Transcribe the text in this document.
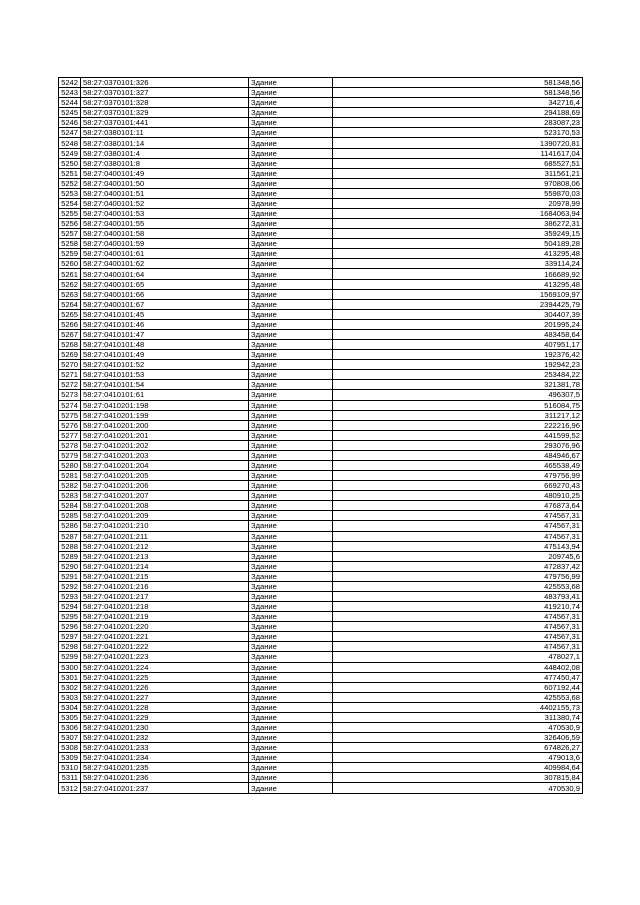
5242	58:27:0370101:326	Здание	581348,56
5243	58:27:0370101:327	Здание	581348,56
5244	58:27:0370101:328	Здание	342716,4
5245	58:27:0370101:329	Здание	294188,69
5246	58:27:0370101:441	Здание	283087,23
5247	58:27:0380101:11	Здание	523170,53
5248	58:27:0380101:14	Здание	1390720,81
5249	58:27:0380101:4	Здание	1141617,04
5250	58:27:0380101:8	Здание	685527,51
5251	58:27:0400101:49	Здание	311561,21
5252	58:27:0400101:50	Здание	970808,06
5253	58:27:0400101:51	Здание	559870,03
5254	58:27:0400101:52	Здание	20978,99
5255	58:27:0400101:53	Здание	1684063,94
5256	58:27:0400101:55	Здание	386272,31
5257	58:27:0400101:58	Здание	359249,15
5258	58:27:0400101:59	Здание	504189,28
5259	58:27:0400101:61	Здание	413295,48
5260	58:27:0400101:62	Здание	339114,24
5261	58:27:0400101:64	Здание	166689,92
5262	58:27:0400101:65	Здание	413295,48
5263	58:27:0400101:66	Здание	1569109,97
5264	58:27:0400101:67	Здание	2394425,79
5265	58:27:0410101:45	Здание	304407,39
5266	58:27:0410101:46	Здание	201995,24
5267	58:27:0410101:47	Здание	483458,64
5268	58:27:0410101:48	Здание	407951,17
5269	58:27:0410101:49	Здание	192376,42
5270	58:27:0410101:52	Здание	192942,23
5271	58:27:0410101:53	Здание	253484,22
5272	58:27:0410101:54	Здание	321381,78
5273	58:27:0410101:61	Здание	496307,5
5274	58:27:0410201:198	Здание	516084,75
5275	58:27:0410201:199	Здание	311217,12
5276	58:27:0410201:200	Здание	222216,96
5277	58:27:0410201:201	Здание	441599,52
5278	58:27:0410201:202	Здание	293076,96
5279	58:27:0410201:203	Здание	484946,67
5280	58:27:0410201:204	Здание	465538,49
5281	58:27:0410201:205	Здание	479756,99
5282	58:27:0410201:206	Здание	669270,43
5283	58:27:0410201:207	Здание	480910,25
5284	58:27:0410201:208	Здание	476873,64
5285	58:27:0410201:209	Здание	474567,31
5286	58:27:0410201:210	Здание	474567,31
5287	58:27:0410201:211	Здание	474567,31
5288	58:27:0410201:212	Здание	475143,94
5289	58:27:0410201:213	Здание	209745,6
5290	58:27:0410201:214	Здание	472837,42
5291	58:27:0410201:215	Здание	479756,99
5292	58:27:0410201:216	Здание	425553,68
5293	58:27:0410201:217	Здание	483793,41
5294	58:27:0410201:218	Здание	419210,74
5295	58:27:0410201:219	Здание	474567,31
5296	58:27:0410201:220	Здание	474567,31
5297	58:27:0410201:221	Здание	474567,31
5298	58:27:0410201:222	Здание	474567,31
5299	58:27:0410201:223	Здание	478027,1
5300	58:27:0410201:224	Здание	448402,08
5301	58:27:0410201:225	Здание	477450,47
5302	58:27:0410201:226	Здание	607192,44
5303	58:27:0410201:227	Здание	425553,68
5304	58:27:0410201:228	Здание	4402155,73
5305	58:27:0410201:229	Здание	311380,74
5306	58:27:0410201:230	Здание	470530,9
5307	58:27:0410201:232	Здание	326406,59
5308	58:27:0410201:233	Здание	674826,27
5309	58:27:0410201:234	Здание	479013,6
5310	58:27:0410201:235	Здание	409984,64
5311	58:27:0410201:236	Здание	307815,84
5312	58:27:0410201:237	Здание	470530,9
